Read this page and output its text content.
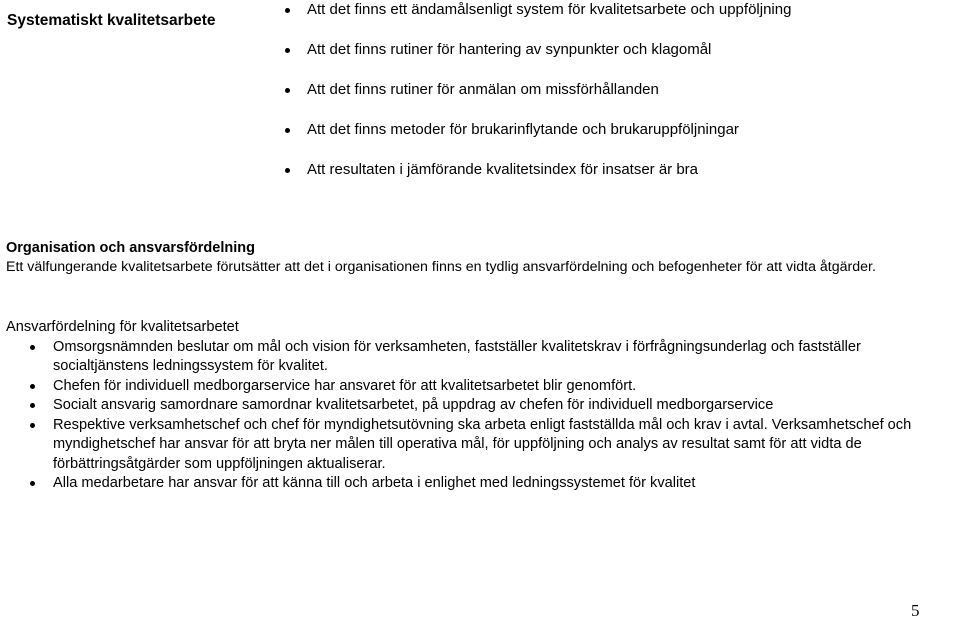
Systematiskt kvalitetsarbete
Att det finns ett ändamålsenligt system för kvalitetsarbete och uppföljning
Att det finns rutiner för hantering av synpunkter och klagomål
Att det finns rutiner för anmälan om missförhållanden
Att det finns metoder för brukarinflytande och brukaruppföljningar
Att resultaten i jämförande kvalitetsindex för insatser är bra
Organisation och ansvarsfördelning

Ett välfungerande kvalitetsarbete förutsätter att det i organisationen finns en tydlig ansvarfördelning och befogenheter för att vidta åtgärder.

Ansvarfördelning för kvalitetsarbetet
Omsorgsnämnden beslutar om mål och vision för verksamheten, fastställer kvalitetskrav i förfrågningsunderlag och fastställer socialtjänstens ledningssystem för kvalitet.
Chefen för individuell medborgarservice har ansvaret för att kvalitetsarbetet blir genomfört.
Socialt ansvarig samordnare samordnar kvalitetsarbetet, på uppdrag av chefen för individuell medborgarservice
Respektive verksamhetschef och chef för myndighetsutövning ska arbeta enligt fastställda mål och krav i avtal. Verksamhetschef och myndighetschef har ansvar för att bryta ner målen till operativa mål, för uppföljning och analys av resultat samt för att vidta de förbättringsåtgärder som uppföljningen aktualiserar.
Alla medarbetare har ansvar för att känna till och arbeta i enlighet med ledningssystemet för kvalitet
5
